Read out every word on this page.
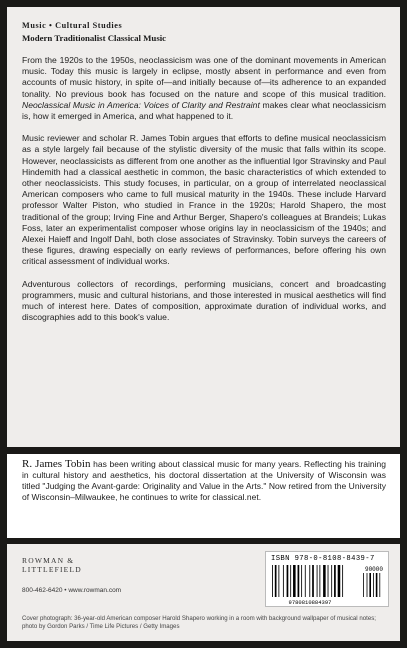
Music • Cultural Studies
Modern Traditionalist Classical Music

From the 1920s to the 1950s, neoclassicism was one of the dominant movements in American music. Today this music is largely in eclipse, mostly absent in performance and even from accounts of music history, in spite of—and initially because of—its adherence to an expanded tonality. No previous book has focused on the nature and scope of this musical tradition. Neoclassical Music in America: Voices of Clarity and Restraint makes clear what neoclassicism is, how it emerged in America, and what happened to it.

Music reviewer and scholar R. James Tobin argues that efforts to define musical neoclassicism as a style largely fail because of the stylistic diversity of the music that falls within its scope. However, neoclassicists as different from one another as the influential Igor Stravinsky and Paul Hindemith had a classical aesthetic in common, the basic characteristics of which extended to other neoclassicists. This study focuses, in particular, on a group of interrelated neoclassical American composers who came to full musical maturity in the 1940s. These include Harvard professor Walter Piston, who studied in France in the 1920s; Harold Shapero, the most traditional of the group; Irving Fine and Arthur Berger, Shapero's colleagues at Brandeis; Lukas Foss, later an experimentalist composer whose origins lay in neoclassicism of the 1940s; and Alexei Haieff and Ingolf Dahl, both close associates of Stravinsky. Tobin surveys the careers of these figures, drawing especially on early reviews of performances, before offering his own critical assessment of individual works.

Adventurous collectors of recordings, performing musicians, concert and broadcasting programmers, music and cultural historians, and those interested in musical aesthetics will find much of interest here. Dates of composition, approximate duration of individual works, and discographies add to this book's value.

R. James Tobin has been writing about classical music for many years. Reflecting his training in cultural history and aesthetics, his doctoral dissertation at the University of Wisconsin was titled "Judging the Avant-garde: Originality and Value in the Arts." Now retired from the University of Wisconsin–Milwaukee, he continues to write for classical.net.

ROWMAN &
LITTLEFIELD
800-462-6420 • www.rowman.com
ISBN 978-0-8108-8439-7
90000
9780810884397
Cover photograph: 36-year-old American composer Harold Shapero working in a room with background wallpaper of musical notes; photo by Gordon Parks / Time Life Pictures / Getty Images
